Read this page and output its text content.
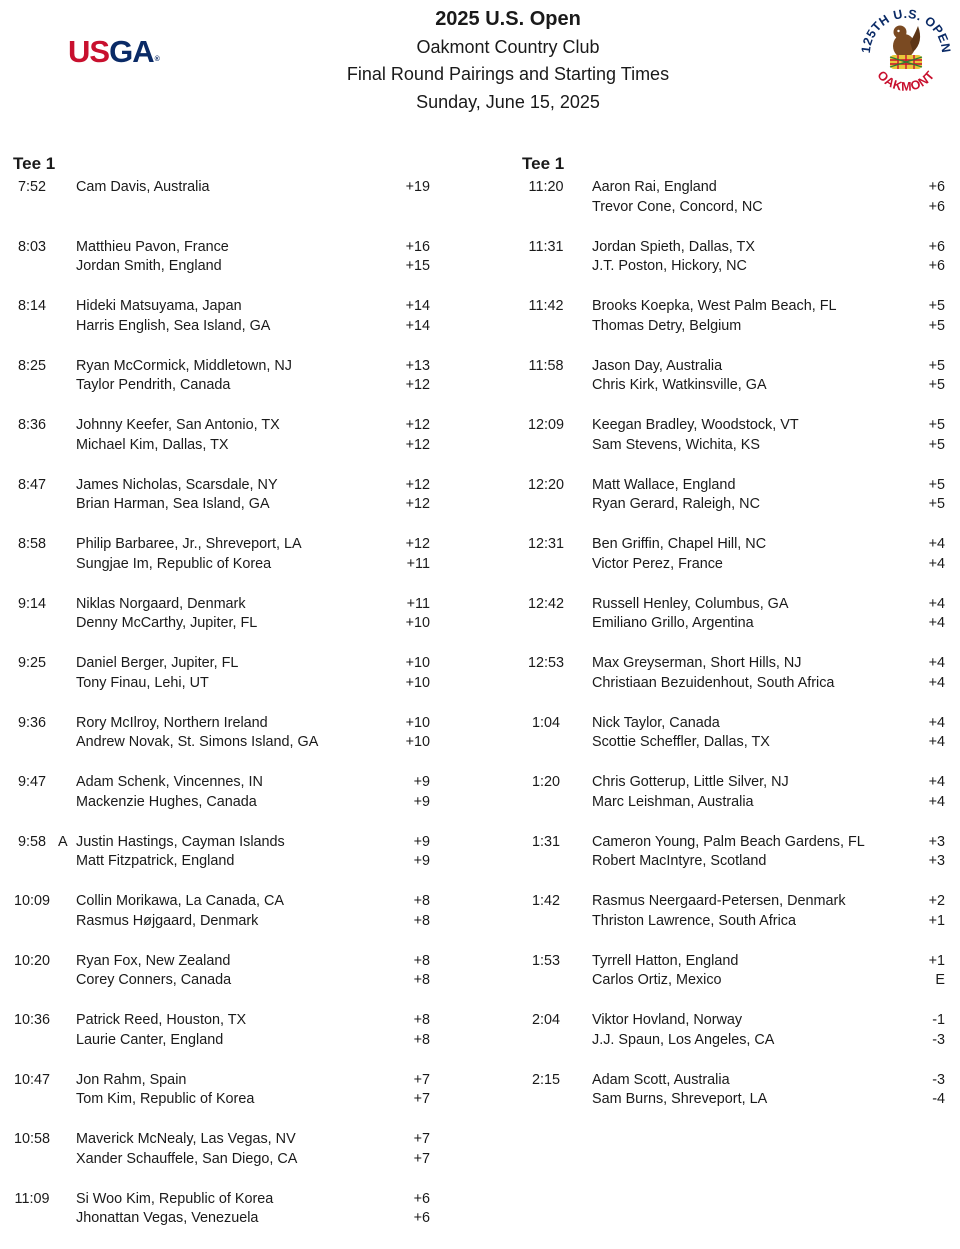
USGA®
2025 U.S. Open
Oakmont Country Club
Final Round Pairings and Starting Times
Sunday, June 15, 2025
125TH U.S. OPEN
OAKMONT
Tee 1
7:52	Cam Davis, Australia	+19
8:03	Matthieu Pavon, France	+16
Jordan Smith, England	+15
8:14	Hideki Matsuyama, Japan	+14
Harris English, Sea Island, GA	+14
8:25	Ryan McCormick, Middletown, NJ	+13
Taylor Pendrith, Canada	+12
8:36	Johnny Keefer, San Antonio, TX	+12
Michael Kim, Dallas, TX	+12
8:47	James Nicholas, Scarsdale, NY	+12
Brian Harman, Sea Island, GA	+12
8:58	Philip Barbaree, Jr., Shreveport, LA	+12
Sungjae Im, Republic of Korea	+11
9:14	Niklas Norgaard, Denmark	+11
Denny McCarthy, Jupiter, FL	+10
9:25	Daniel Berger, Jupiter, FL	+10
Tony Finau, Lehi, UT	+10
9:36	Rory McIlroy, Northern Ireland	+10
Andrew Novak, St. Simons Island, GA	+10
9:47	Adam Schenk, Vincennes, IN	+9
Mackenzie Hughes, Canada	+9
9:58 A Justin Hastings, Cayman Islands	+9
Matt Fitzpatrick, England	+9
10:09	Collin Morikawa, La Canada, CA	+8
Rasmus Højgaard, Denmark	+8
10:20	Ryan Fox, New Zealand	+8
Corey Conners, Canada	+8
10:36	Patrick Reed, Houston, TX	+8
Laurie Canter, England	+8
10:47	Jon Rahm, Spain	+7
Tom Kim, Republic of Korea	+7
10:58	Maverick McNealy, Las Vegas, NV	+7
Xander Schauffele, San Diego, CA	+7
11:09	Si Woo Kim, Republic of Korea	+6
Jhonattan Vegas, Venezuela	+6
Tee 1
11:20	Aaron Rai, England	+6
Trevor Cone, Concord, NC	+6
11:31	Jordan Spieth, Dallas, TX	+6
J.T. Poston, Hickory, NC	+6
11:42	Brooks Koepka, West Palm Beach, FL	+5
Thomas Detry, Belgium	+5
11:58	Jason Day, Australia	+5
Chris Kirk, Watkinsville, GA	+5
12:09	Keegan Bradley, Woodstock, VT	+5
Sam Stevens, Wichita, KS	+5
12:20	Matt Wallace, England	+5
Ryan Gerard, Raleigh, NC	+5
12:31	Ben Griffin, Chapel Hill, NC	+4
Victor Perez, France	+4
12:42	Russell Henley, Columbus, GA	+4
Emiliano Grillo, Argentina	+4
12:53	Max Greyserman, Short Hills, NJ	+4
Christiaan Bezuidenhout, South Africa	+4
1:04	Nick Taylor, Canada	+4
Scottie Scheffler, Dallas, TX	+4
1:20	Chris Gotterup, Little Silver, NJ	+4
Marc Leishman, Australia	+4
1:31	Cameron Young, Palm Beach Gardens, FL	+3
Robert MacIntyre, Scotland	+3
1:42	Rasmus Neergaard-Petersen, Denmark	+2
Thriston Lawrence, South Africa	+1
1:53	Tyrrell Hatton, England	+1
Carlos Ortiz, Mexico	E
2:04	Viktor Hovland, Norway	-1
J.J. Spaun, Los Angeles, CA	-3
2:15	Adam Scott, Australia	-3
Sam Burns, Shreveport, LA	-4
